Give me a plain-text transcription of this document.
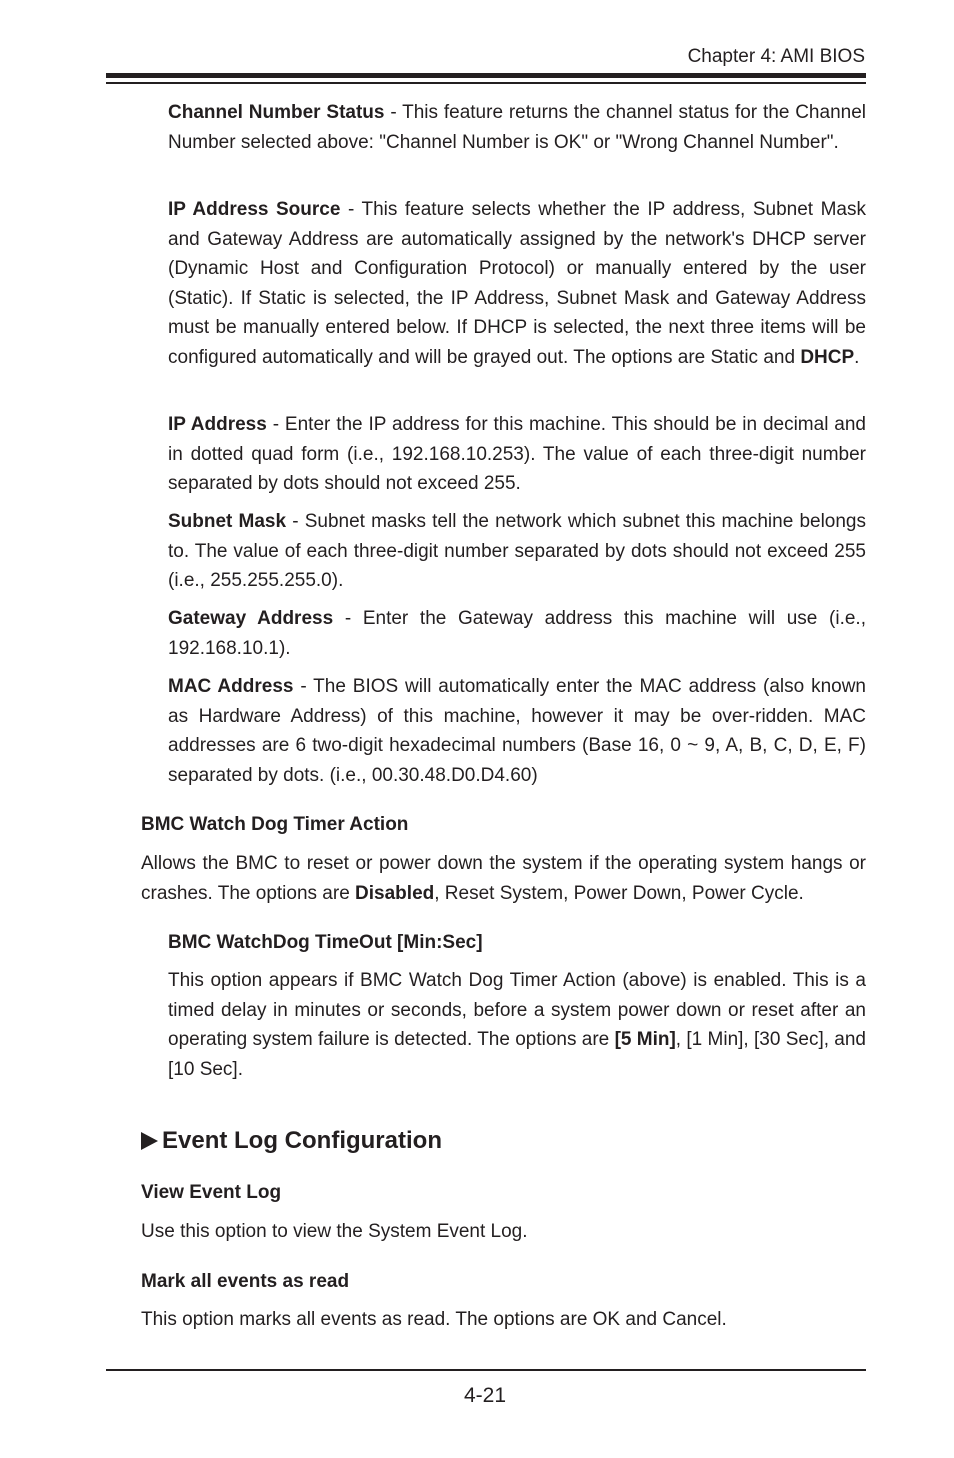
Chapter 4: AMI BIOS

Channel Number Status - This feature returns the channel status for the Channel Number selected above: "Channel Number is OK" or "Wrong Channel Number".

IP Address Source - This feature selects whether the IP address, Subnet Mask and Gateway Address are automatically assigned by the network's DHCP server (Dynamic Host and Configuration Protocol) or manually entered by the user (Static). If Static is selected, the IP Address, Subnet Mask and Gateway Address must be manually entered below. If DHCP is selected, the next three items will be configured automatically and will be grayed out. The options are Static and DHCP.

IP Address - Enter the IP address for this machine. This should be in decimal and in dotted quad form (i.e., 192.168.10.253). The value of each three-digit number separated by dots should not exceed 255.

Subnet Mask - Subnet masks tell the network which subnet this machine belongs to. The value of each three-digit number separated by dots should not exceed 255 (i.e., 255.255.255.0).

Gateway Address - Enter the Gateway address this machine will use (i.e., 192.168.10.1).

MAC Address - The BIOS will automatically enter the MAC address (also known as Hardware Address) of this machine, however it may be over-ridden. MAC addresses are 6 two-digit hexadecimal numbers (Base 16, 0 ~ 9, A, B, C, D, E, F) separated by dots. (i.e., 00.30.48.D0.D4.60)

BMC Watch Dog Timer Action

Allows the BMC to reset or power down the system if the operating system hangs or crashes. The options are Disabled, Reset System, Power Down, Power Cycle.

BMC WatchDog TimeOut [Min:Sec]

This option appears if BMC Watch Dog Timer Action (above) is enabled. This is a timed delay in minutes or seconds, before a system power down or reset after an operating system failure is detected. The options are [5 Min], [1 Min], [30 Sec], and [10 Sec].

Event Log Configuration
View Event Log

Use this option to view the System Event Log.

Mark all events as read

This option marks all events as read. The options are OK and Cancel.

4-21
